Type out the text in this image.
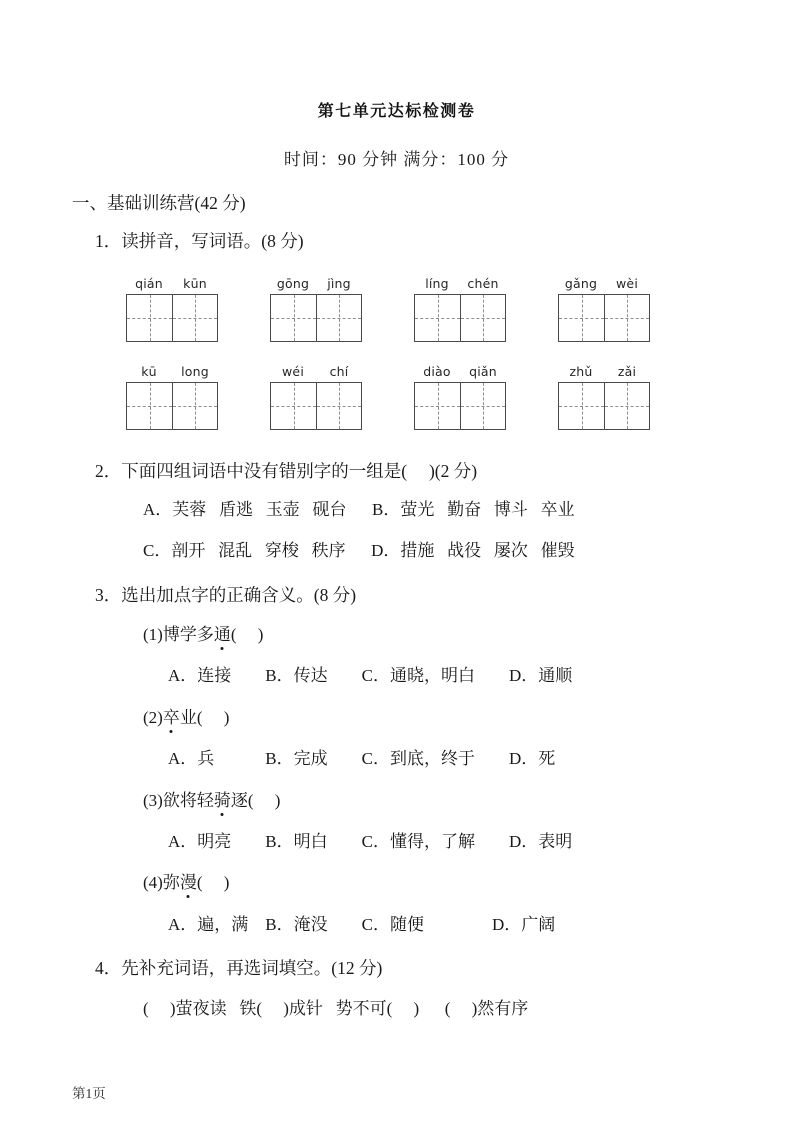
第七单元达标检测卷
时间：90 分钟 满分：100 分
一、基础训练营(42 分)
1．读拼音，写词语。(8 分)
qián	kūn	gōng	jìng	líng	chén	gǎng	wèi
kū	long	wéi	chí	diào	qiǎn	zhǔ	zǎi
2．下面四组词语中没有错别字的一组是(     )(2 分)
A．芙蓉   盾逃   玉壶   砚台      B．萤光   勤奋   博斗   卒业
C．剖开   混乱   穿梭   秩序      D．措施   战役   屡次   催毁
3．选出加点字的正确含义。(8 分)
(1)博学多通(     )
A．连接        B．传达        C．通晓，明白        D．通顺
(2)卒业(     )
A．兵            B．完成        C．到底，终于        D．死
(3)欲将轻骑逐(     )
A．明亮        B．明白        C．懂得，了解        D．表明
(4)弥漫(     )
A．遍，满    B．淹没        C．随便                D．广阔
4．先补充词语，再选词填空。(12 分)
(     )萤夜读   铁(     )成针   势不可(     )      (     )然有序
第1页
